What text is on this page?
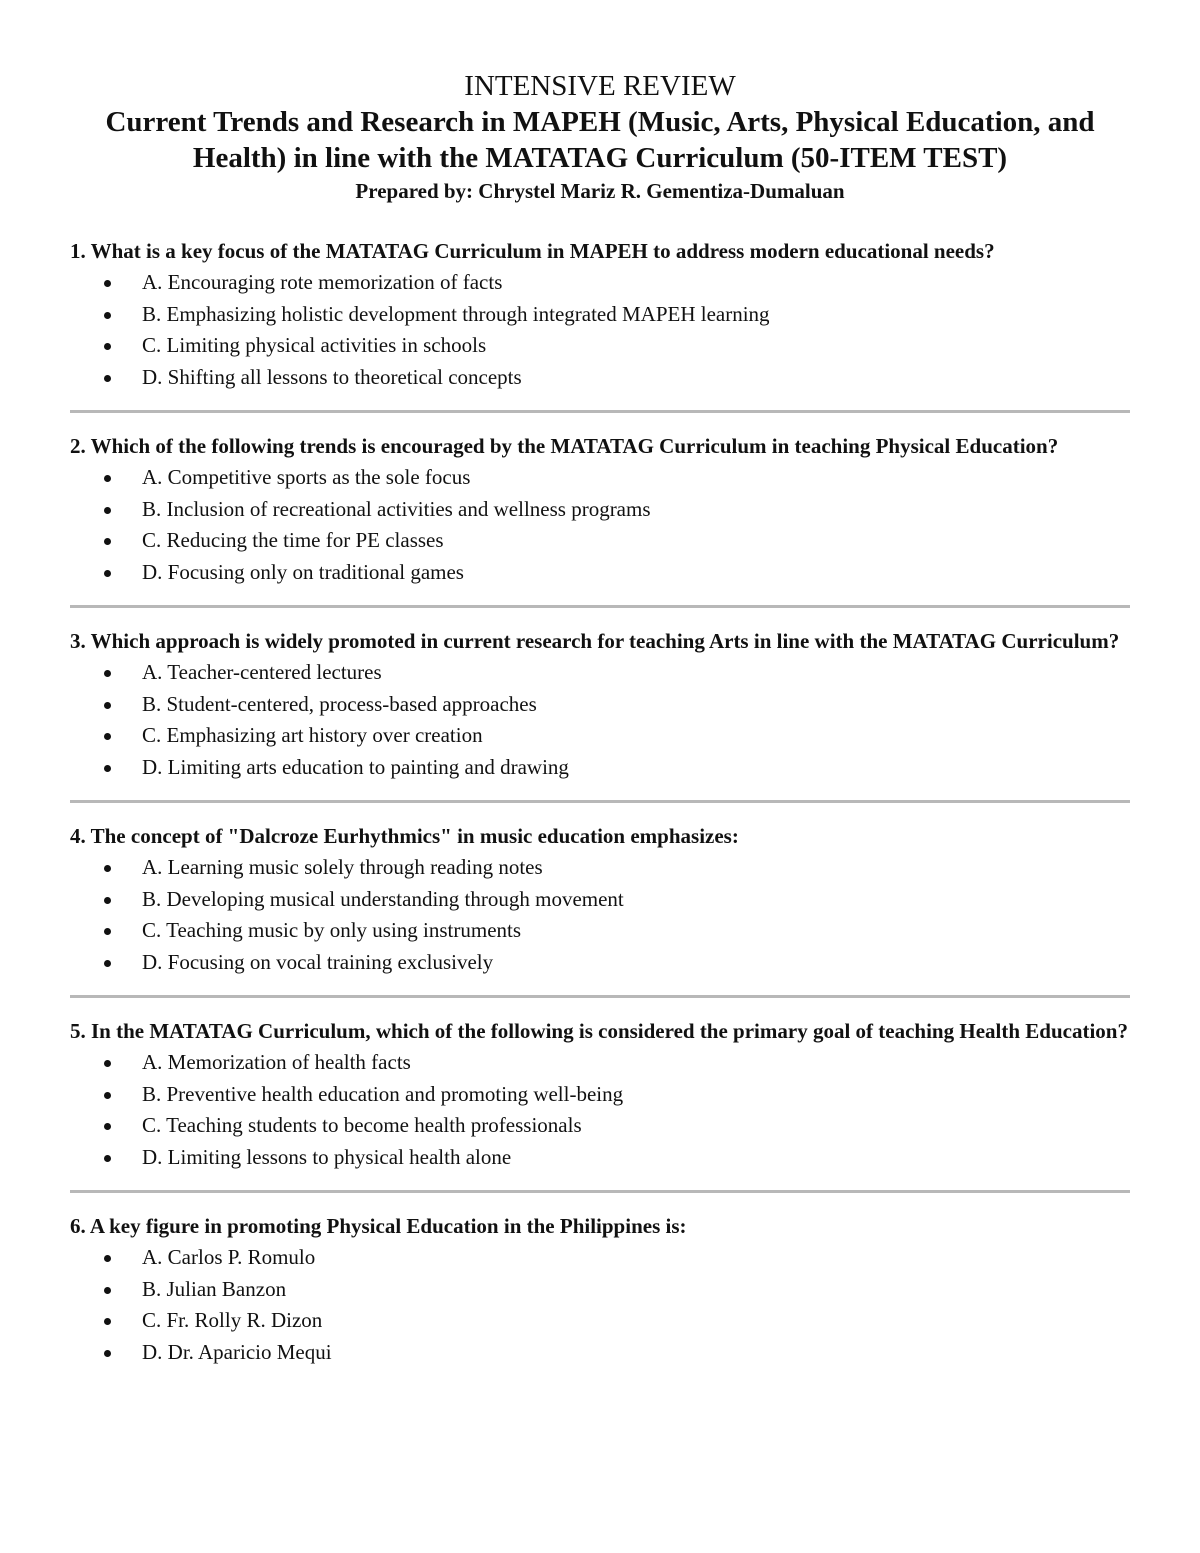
INTENSIVE REVIEW

Current Trends and Research in MAPEH (Music, Arts, Physical Education, and Health) in line with the MATATAG Curriculum (50-ITEM TEST)

Prepared by: Chrystel Mariz R. Gementiza-Dumaluan

1. What is a key focus of the MATATAG Curriculum in MAPEH to address modern educational needs?

A. Encouraging rote memorization of facts
B. Emphasizing holistic development through integrated MAPEH learning
C. Limiting physical activities in schools
D. Shifting all lessons to theoretical concepts

2. Which of the following trends is encouraged by the MATATAG Curriculum in teaching Physical Education?

A. Competitive sports as the sole focus
B. Inclusion of recreational activities and wellness programs
C. Reducing the time for PE classes
D. Focusing only on traditional games

3. Which approach is widely promoted in current research for teaching Arts in line with the MATATAG Curriculum?

A. Teacher-centered lectures
B. Student-centered, process-based approaches
C. Emphasizing art history over creation
D. Limiting arts education to painting and drawing

4. The concept of "Dalcroze Eurhythmics" in music education emphasizes:

A. Learning music solely through reading notes
B. Developing musical understanding through movement
C. Teaching music by only using instruments
D. Focusing on vocal training exclusively

5. In the MATATAG Curriculum, which of the following is considered the primary goal of teaching Health Education?

A. Memorization of health facts
B. Preventive health education and promoting well-being
C. Teaching students to become health professionals
D. Limiting lessons to physical health alone

6. A key figure in promoting Physical Education in the Philippines is:

A. Carlos P. Romulo
B. Julian Banzon
C. Fr. Rolly R. Dizon
D. Dr. Aparicio Mequi
